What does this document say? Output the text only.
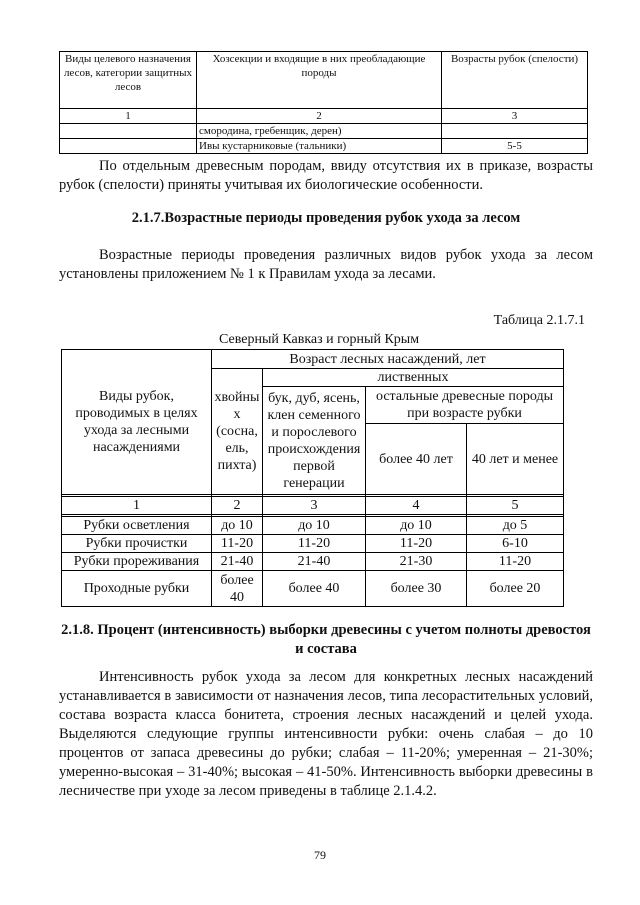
Виды целевого назначения лесов, категории защитных лесов	Хозсекции и входящие в них преобладающие породы	Возрасты рубок (спелости)
1	2	3
	смородина, гребенщик, дерен)	
	Ивы кустарниковые (тальники)	5-5
По отдельным древесным породам, ввиду отсутствия их в приказе, возрасты рубок (спелости) приняты учитывая их биологические особенности.
2.1.7.Возрастные периоды проведения рубок ухода за лесом
Возрастные периоды проведения различных видов рубок ухода за лесом установлены приложением № 1 к Правилам ухода за лесами.
Таблица 2.1.7.1
Северный Кавказ и горный Крым
Виды рубок, проводимых в целях ухода за лесными насаждениями	Возраст лесных насаждений, лет			
	хвойны х (сосна, ель, пихта)	лиственных		
		бук, дуб, ясень, клен семенного и порослевого происхождения первой генерации	остальные древесные породы при возрасте рубки	
			более 40 лет	40 лет и менее

1	2	3	4	5

Рубки осветления	до 10	до 10	до 10	до 5
Рубки прочистки	11-20	11-20	11-20	6-10
Рубки прореживания	21-40	21-40	21-30	11-20
Проходные рубки	более 40	более 40	более 30	более 20
2.1.8. Процент (интенсивность) выборки древесины с учетом полноты древостоя и состава
Интенсивность рубок ухода за лесом для конкретных лесных насаждений устанавливается в зависимости от назначения лесов, типа лесорастительных условий, состава возраста класса бонитета, строения лесных насаждений и целей ухода. Выделяются следующие группы интенсивности рубки: очень слабая – до 10 процентов от запаса древесины до рубки; слабая – 11-20%; умеренная – 21-30%; умеренно-высокая – 31-40%; высокая – 41-50%. Интенсивность выборки древесины в лесничестве при уходе за лесом приведены в таблице 2.1.4.2.
79
